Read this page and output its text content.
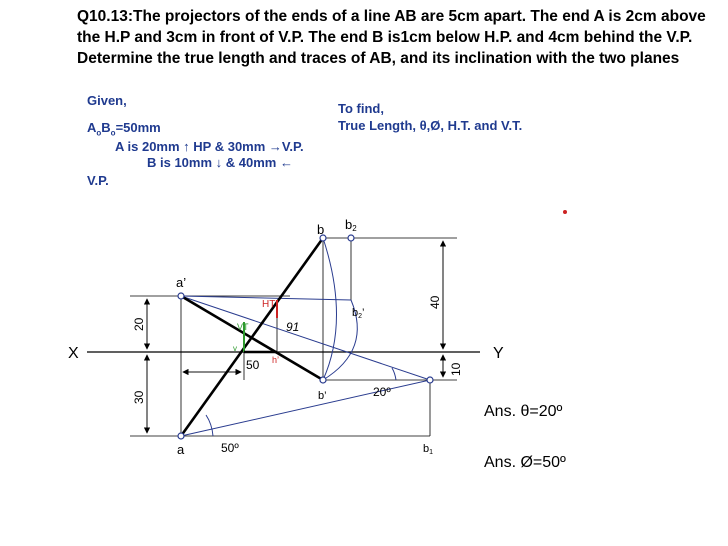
Q10.13:The projectors of the ends of a line AB are 5cm apart. The end A is 2cm above the H.P and 3cm in front of V.P. The end B is1cm below H.P. and 4cm behind the V.P. Determine the true length and traces of AB, and its inclination with the two planes
Given,
$A_oB_o=50mm$
A is 20mm ↑ HP & 30mm →V.P.
B is 10mm ↓ & 40mm ←
V.P.
To find,
True Length, θ,Ø, H.T. and V.T.
X	Y
a’
a
b b2
b2’
b’
b1
HT
VT
v
h’
91
20º
50º
50
20
30
40
10
Ans. θ=20º
Ans. Ø=50º
